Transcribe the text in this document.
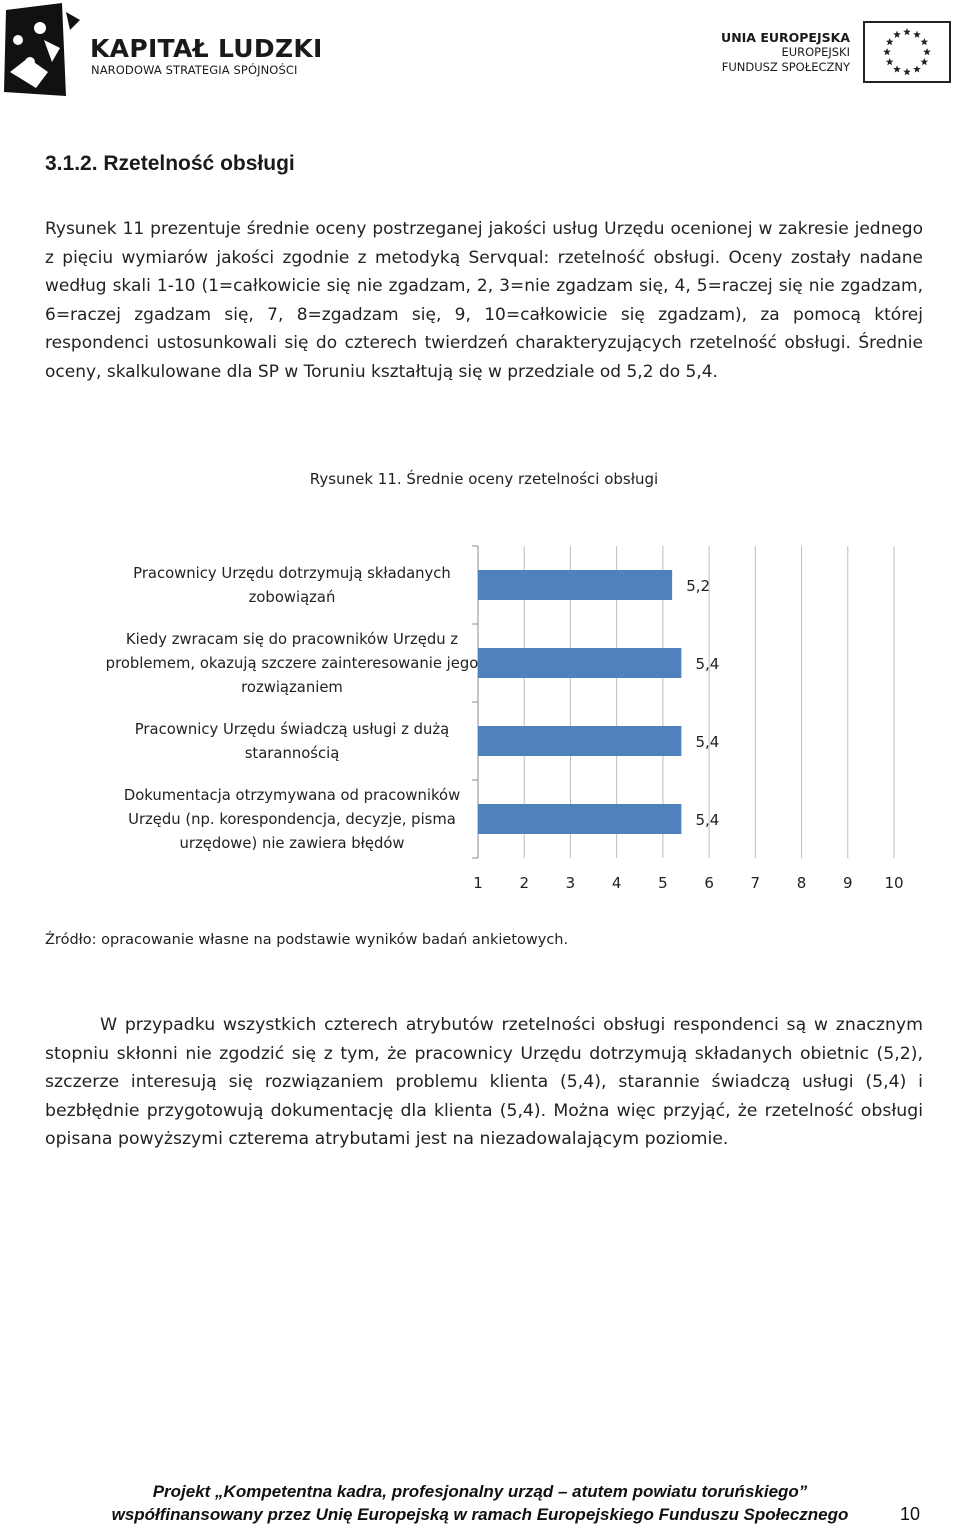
KAPITAŁ LUDZKI
NARODOWA STRATEGIA SPÓJNOŚCI
UNIA EUROPEJSKA
EUROPEJSKI
FUNDUSZ SPOŁECZNY
3.1.2. Rzetelność obsługi

Rysunek 11 prezentuje średnie oceny postrzeganej jakości usług Urzędu ocenionej w zakresie jednego z pięciu wymiarów jakości zgodnie z metodyką Servqual: rzetelność obsługi. Oceny zostały nadane według skali 1-10 (1=całkowicie się nie zgadzam, 2, 3=nie zgadzam się, 4, 5=raczej się nie zgadzam, 6=raczej zgadzam się, 7, 8=zgadzam się, 9, 10=całkowicie się zgadzam), za pomocą której respondenci ustosunkowali się do czterech twierdzeń charakteryzujących rzetelność obsługi. Średnie oceny, skalkulowane dla SP w Toruniu kształtują się w przedziale od 5,2 do 5,4.

Rysunek 11. Średnie oceny rzetelności obsługi
1 2 3 4 5 6 7 8 9 10
5,2
Pracownicy Urzędu dotrzymują składanych zobowiązań
5,4
Kiedy zwracam się do pracowników Urzędu z problemem, okazują szczere zainteresowanie jego rozwiązaniem
5,4
Pracownicy Urzędu świadczą usługi z dużą starannością
5,4
Dokumentacja otrzymywana od pracowników Urzędu (np. korespondencja, decyzje, pisma urzędowe) nie zawiera błędów
Źródło: opracowanie własne na podstawie wyników badań ankietowych.

W przypadku wszystkich czterech atrybutów rzetelności obsługi respondenci są w znacznym stopniu skłonni nie zgodzić się z tym, że pracownicy Urzędu dotrzymują składanych obietnic (5,2), szczerze interesują się rozwiązaniem problemu klienta (5,4), starannie świadczą usługi (5,4) i bezbłędnie przygotowują dokumentację dla klienta (5,4). Można więc przyjąć, że rzetelność obsługi opisana powyższymi czterema atrybutami jest na niezadowalającym poziomie.

Projekt „Kompetentna kadra, profesjonalny urząd – atutem powiatu toruńskiego”
współfinansowany przez Unię Europejską w ramach Europejskiego Funduszu Społecznego	10
